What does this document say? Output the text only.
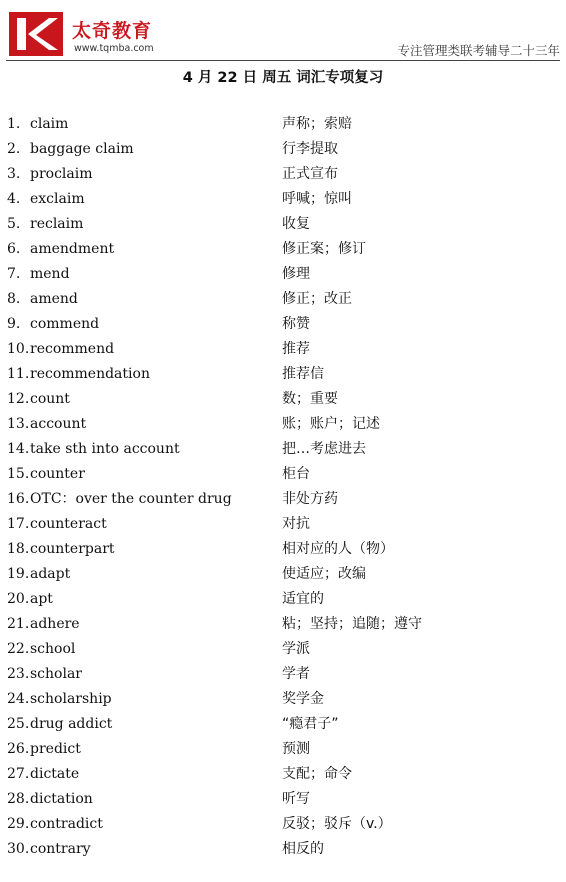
太奇教育
www.tqmba.com	专注管理类联考辅导二十三年
4 月 22 日 周五 词汇专项复习
1. claim	声称；索赔
2. baggage claim	行李提取
3. proclaim	正式宣布
4. exclaim	呼喊；惊叫
5. reclaim	收复
6. amendment	修正案；修订
7. mend	修理
8. amend	修正；改正
9. commend	称赞
10. recommend	推荐
11. recommendation	推荐信
12. count	数；重要
13. account	账；账户；记述
14. take sth into account	把…考虑进去
15. counter	柜台
16. OTC：over the counter drug	非处方药
17. counteract	对抗
18. counterpart	相对应的人（物）
19. adapt	使适应；改编
20. apt	适宜的
21. adhere	粘；坚持；追随；遵守
22. school	学派
23. scholar	学者
24. scholarship	奖学金
25. drug addict	“瘾君子”
26. predict	预测
27. dictate	支配；命令
28. dictation	听写
29. contradict	反驳；驳斥（v.）
30. contrary	相反的
